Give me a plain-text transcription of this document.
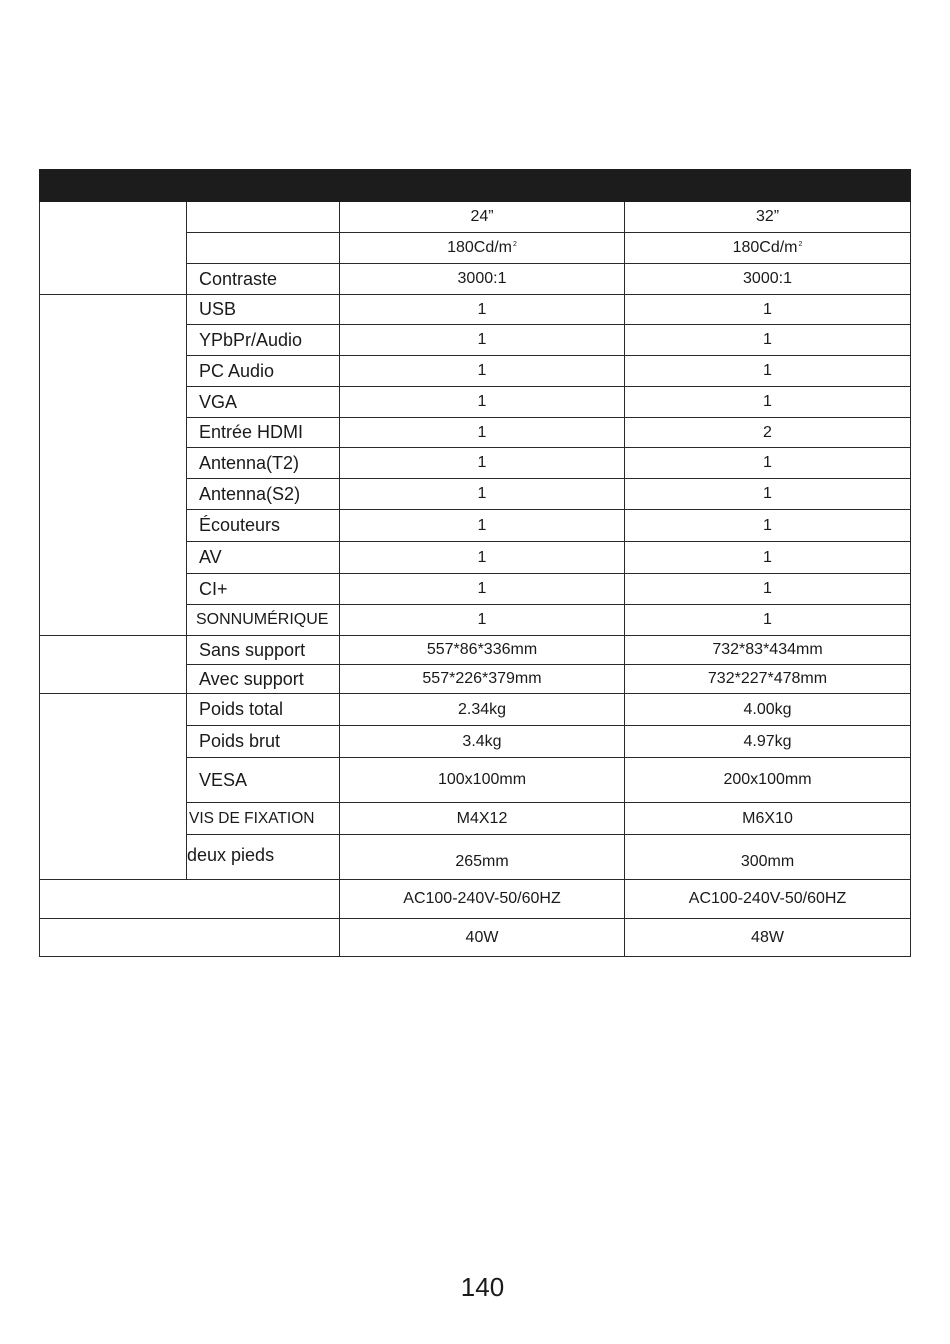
		24”	32”
		$180Cd/m^2$	$180Cd/m^2$
	Contraste	3000:1	3000:1
	USB	1	1
	YPbPr/Audio	1	1
	PC Audio	1	1
	VGA	1	1
	Entrée HDMI	1	2
	Antenna(T2)	1	1
	Antenna(S2)	1	1
	Écouteurs	1	1
	AV	1	1
	CI+	1	1
	SONNUMÉRIQUE	1	1
	Sans support	557*86*336mm	732*83*434mm
	Avec support	557*226*379mm	732*227*478mm
	Poids total	2.34kg	4.00kg
	Poids brut	3.4kg	4.97kg
	VESA	100x100mm	200x100mm
	VIS DE FIXATION	M4X12	M6X10
	deux pieds	265mm	300mm
		AC100-240V-50/60HZ	AC100-240V-50/60HZ
		40W	48W
140
